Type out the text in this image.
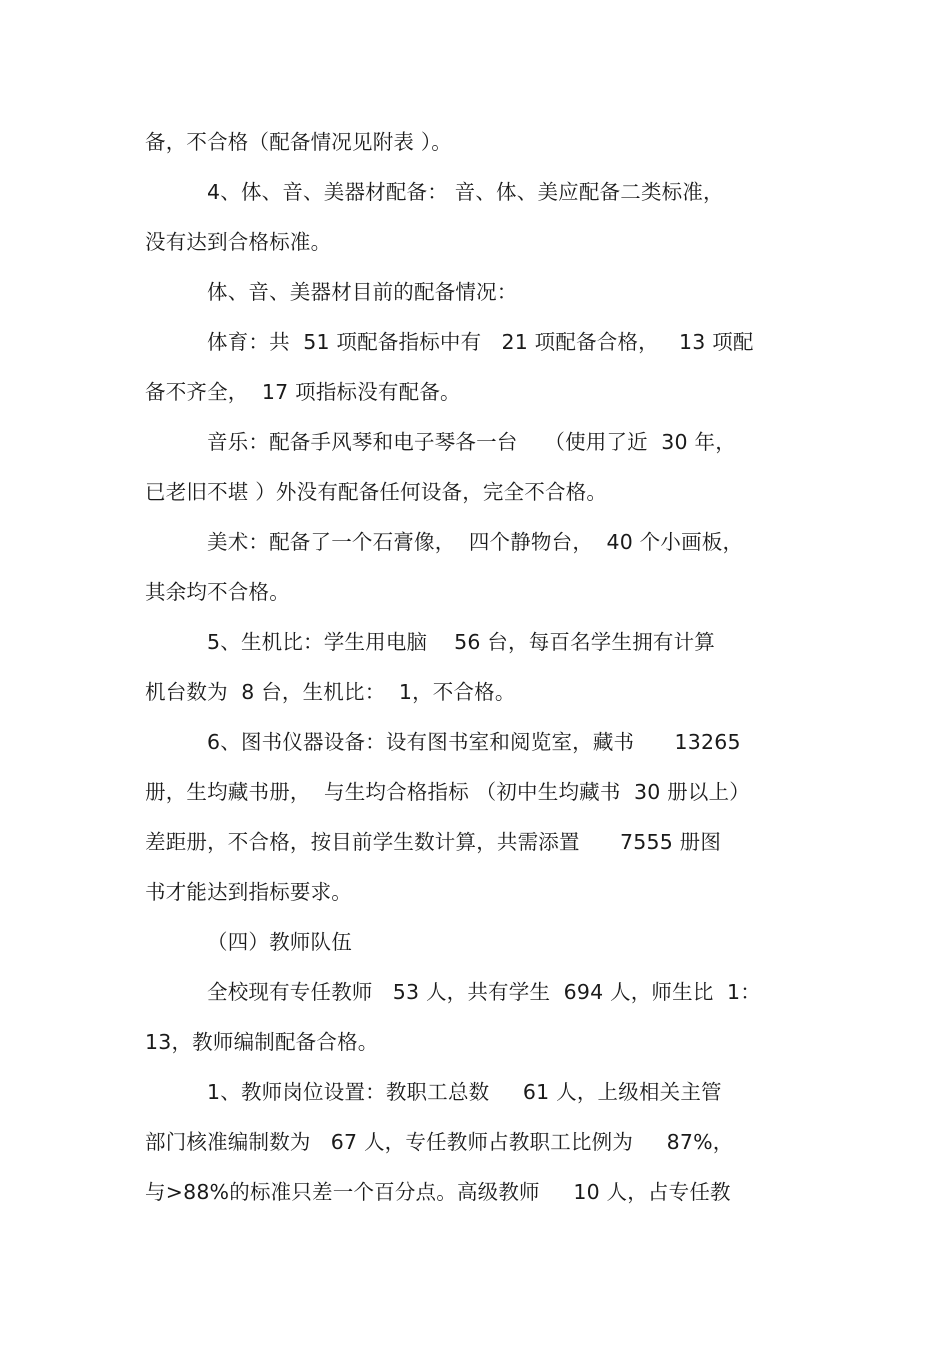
备，不合格（配备情况见附表 ）。
4、体、音、美器材配备： 音、体、美应配备二类标准，
没有达到合格标准。
体、音、美器材目前的配备情况：
体育：共  51 项配备指标中有   21 项配备合格，   13 项配
备不齐全，  17 项指标没有配备。
音乐：配备手风琴和电子琴各一台    （使用了近  30 年，
已老旧不堪 ）外没有配备任何设备，完全不合格。
美术：配备了一个石膏像，  四个静物台，  40 个小画板，
其余均不合格。
5、生机比：学生用电脑    56 台，每百名学生拥有计算
机台数为  8 台，生机比：  1，不合格。
6、图书仪器设备：设有图书室和阅览室，藏书      13265
册，生均藏书册，  与生均合格指标 （初中生均藏书  30 册以上）
差距册，不合格，按目前学生数计算，共需添置      7555 册图
书才能达到指标要求。
（四）教师队伍
全校现有专任教师   53 人，共有学生  694 人，师生比  1：
13，教师编制配备合格。
1、教师岗位设置：教职工总数     61 人，上级相关主管
部门核准编制数为   67 人，专任教师占教职工比例为     87%，
与>88%的标准只差一个百分点。高级教师     10 人，占专任教
